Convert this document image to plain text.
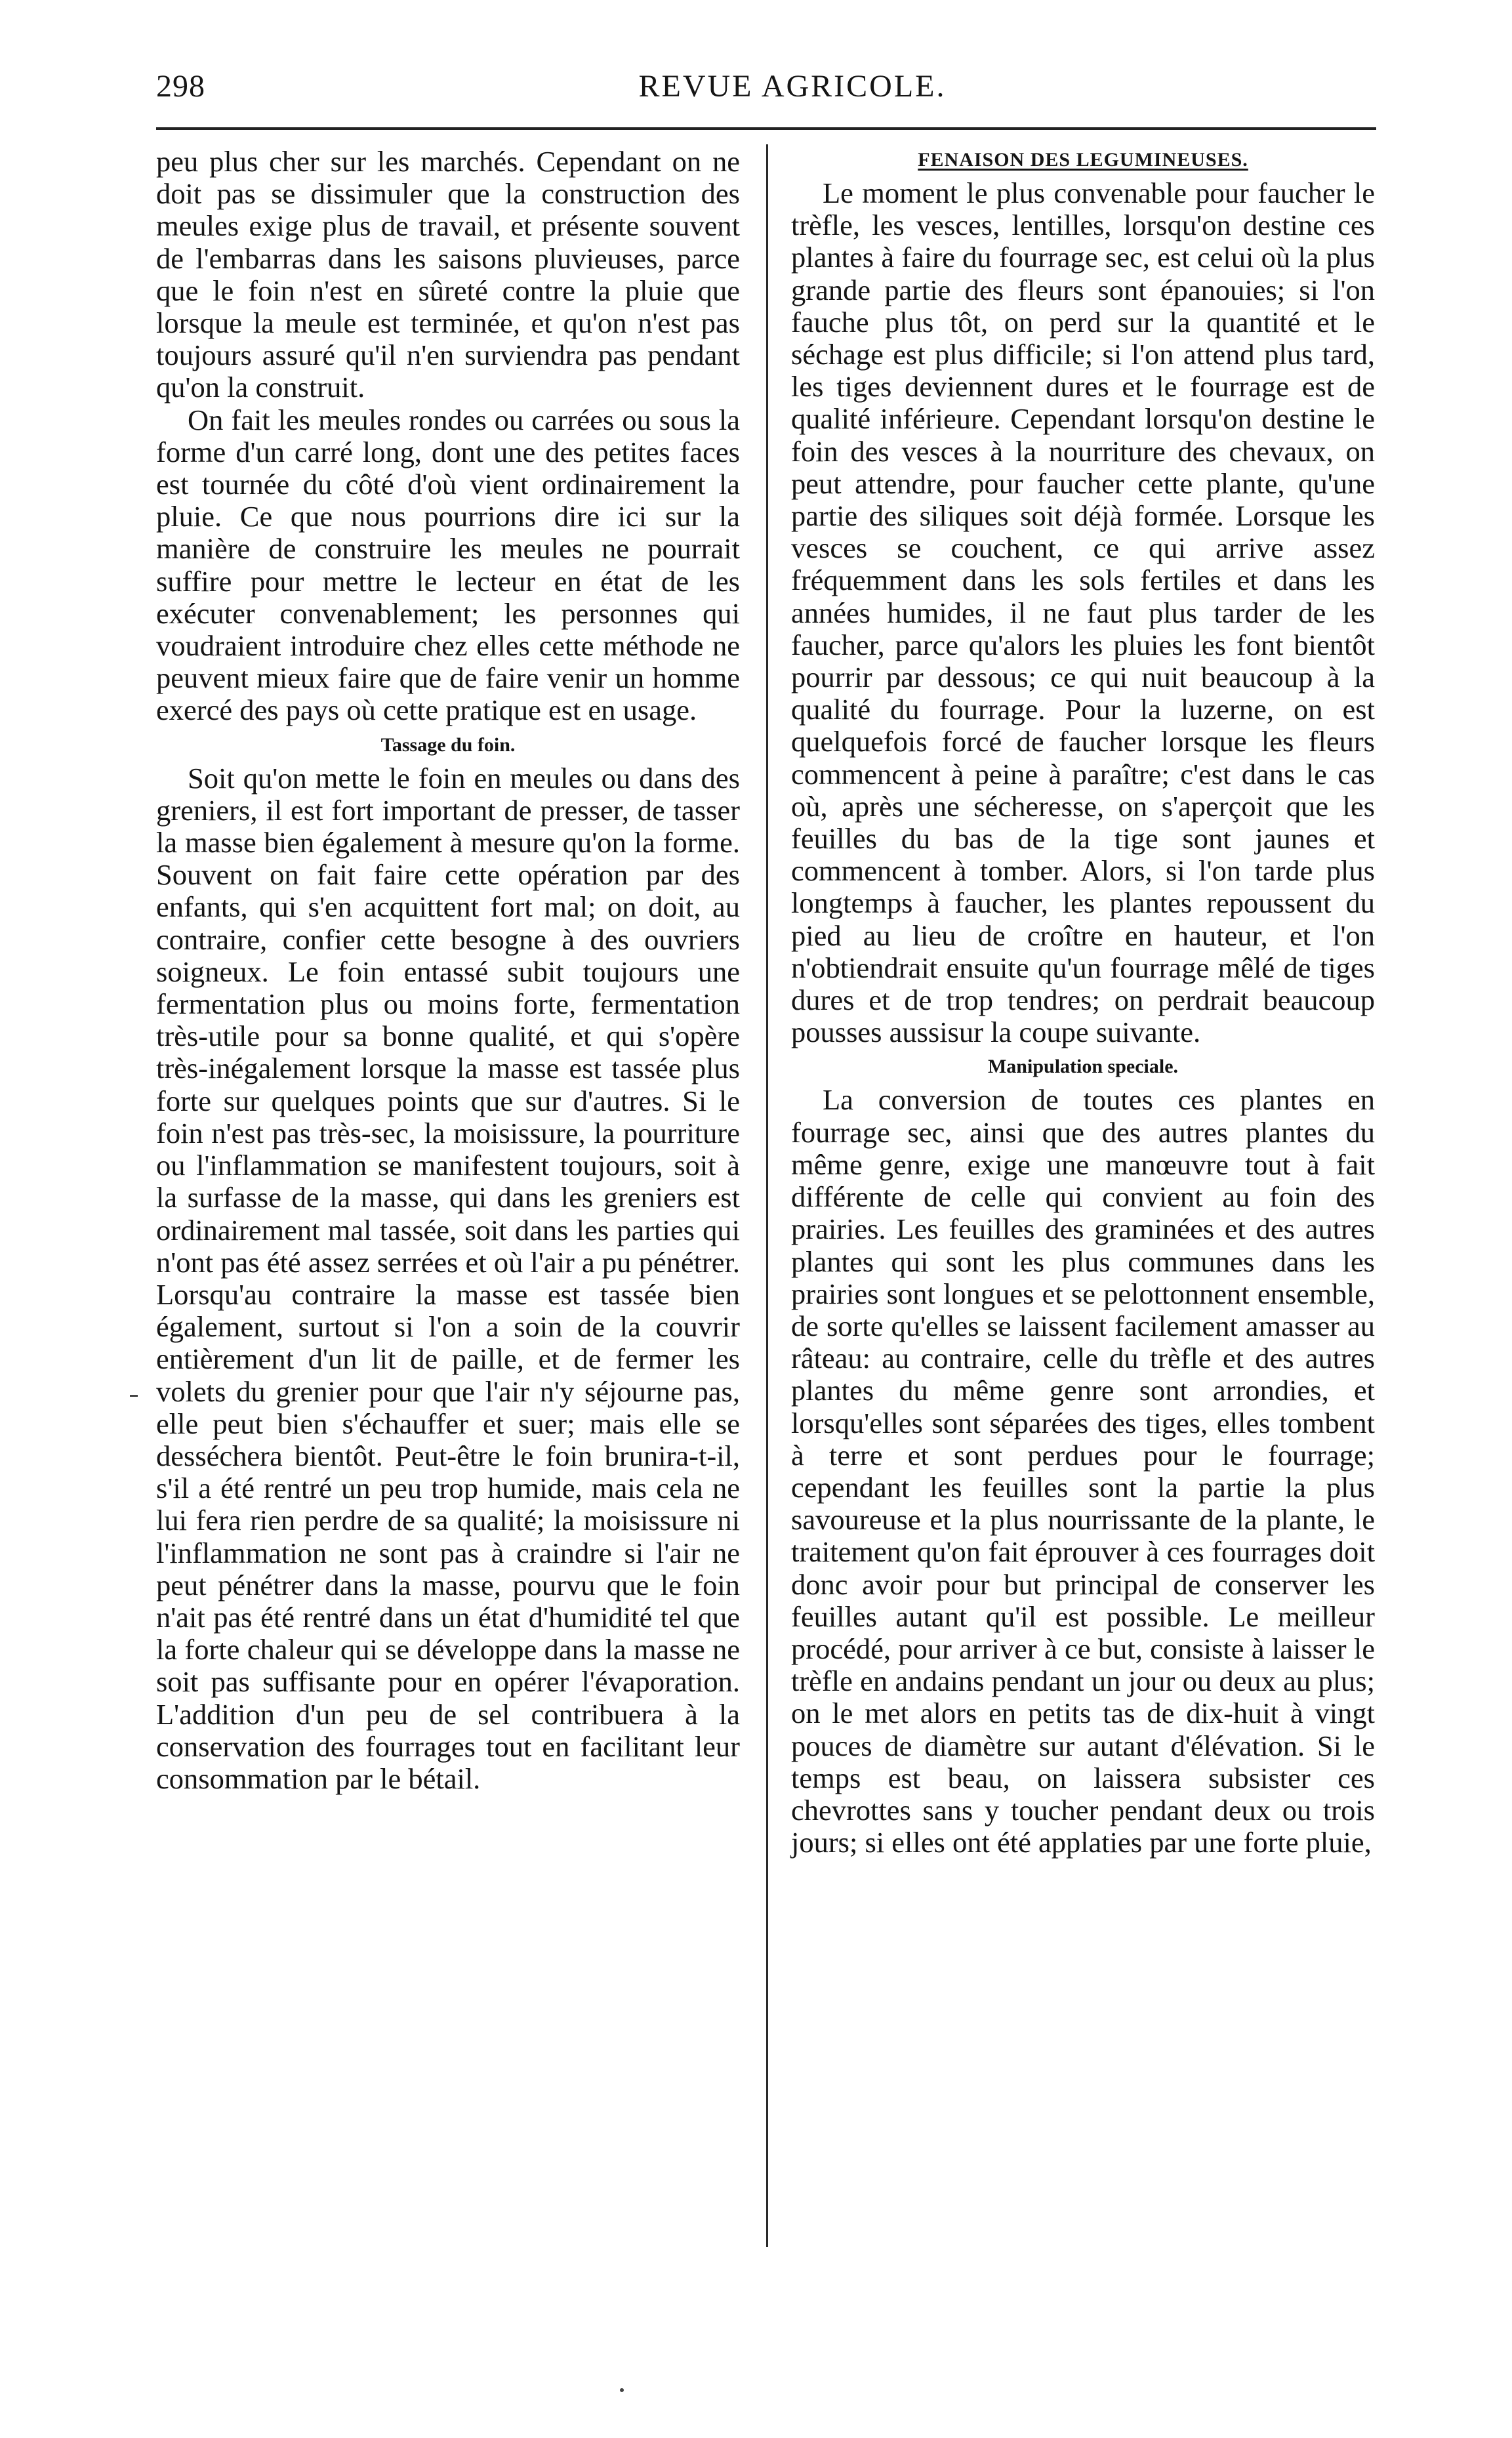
298	REVUE AGRICOLE.

peu plus cher sur les marchés. Cependant on ne doit pas se dissimuler que la construction des meules exige plus de travail, et présente souvent de l'embarras dans les saisons pluvieuses, parce que le foin n'est en sûreté contre la pluie que lorsque la meule est terminée, et qu'on n'est pas toujours assuré qu'il n'en surviendra pas pendant qu'on la construit.

On fait les meules rondes ou carrées ou sous la forme d'un carré long, dont une des petites faces est tournée du côté d'où vient ordinairement la pluie. Ce que nous pourrions dire ici sur la manière de construire les meules ne pourrait suffire pour mettre le lecteur en état de les exécuter convenablement; les personnes qui voudraient introduire chez elles cette méthode ne peuvent mieux faire que de faire venir un homme exercé des pays où cette pratique est en usage.

Tassage du foin.

Soit qu'on mette le foin en meules ou dans des greniers, il est fort important de presser, de tasser la masse bien également à mesure qu'on la forme. Souvent on fait faire cette opération par des enfants, qui s'en acquittent fort mal; on doit, au contraire, confier cette besogne à des ouvriers soigneux. Le foin entassé subit toujours une fermentation plus ou moins forte, fermentation très-utile pour sa bonne qualité, et qui s'opère très-inégalement lorsque la masse est tassée plus forte sur quelques points que sur d'autres. Si le foin n'est pas très-sec, la moisissure, la pourriture ou l'inflammation se manifestent toujours, soit à la surfasse de la masse, qui dans les greniers est ordinairement mal tassée, soit dans les parties qui n'ont pas été assez serrées et où l'air a pu pénétrer. Lorsqu'au contraire la masse est tassée bien également, surtout si l'on a soin de la couvrir entièrement d'un lit de paille, et de fermer les volets du grenier pour que l'air n'y séjourne pas, elle peut bien s'échauffer et suer; mais elle se desséchera bientôt. Peut-être le foin brunira-t-il, s'il a été rentré un peu trop humide, mais cela ne lui fera rien perdre de sa qualité; la moisissure ni l'inflammation ne sont pas à craindre si l'air ne peut pénétrer dans la masse, pourvu que le foin n'ait pas été rentré dans un état d'humidité tel que la forte chaleur qui se développe dans la masse ne soit pas suffisante pour en opérer l'évaporation. L'addition d'un peu de sel contribuera à la conservation des fourrages tout en facilitant leur consommation par le bétail.

FENAISON DES LEGUMINEUSES.

Le moment le plus convenable pour faucher le trèfle, les vesces, lentilles, lorsqu'on destine ces plantes à faire du fourrage sec, est celui où la plus grande partie des fleurs sont épanouies; si l'on fauche plus tôt, on perd sur la quantité et le séchage est plus difficile; si l'on attend plus tard, les tiges deviennent dures et le fourrage est de qualité inférieure. Cependant lorsqu'on destine le foin des vesces à la nourriture des chevaux, on peut attendre, pour faucher cette plante, qu'une partie des siliques soit déjà formée. Lorsque les vesces se couchent, ce qui arrive assez fréquemment dans les sols fertiles et dans les années humides, il ne faut plus tarder de les faucher, parce qu'alors les pluies les font bientôt pourrir par dessous; ce qui nuit beaucoup à la qualité du fourrage. Pour la luzerne, on est quelquefois forcé de faucher lorsque les fleurs commencent à peine à paraître; c'est dans le cas où, après une sécheresse, on s'aperçoit que les feuilles du bas de la tige sont jaunes et commencent à tomber. Alors, si l'on tarde plus longtemps à faucher, les plantes repoussent du pied au lieu de croître en hauteur, et l'on n'obtiendrait ensuite qu'un fourrage mêlé de tiges dures et de trop tendres; on perdrait beaucoup pousses aussisur la coupe suivante.

Manipulation speciale.

La conversion de toutes ces plantes en fourrage sec, ainsi que des autres plantes du même genre, exige une manœuvre tout à fait différente de celle qui convient au foin des prairies. Les feuilles des graminées et des autres plantes qui sont les plus communes dans les prairies sont longues et se pelottonnent ensemble, de sorte qu'elles se laissent facilement amasser au râteau: au contraire, celle du trèfle et des autres plantes du même genre sont arrondies, et lorsqu'elles sont séparées des tiges, elles tombent à terre et sont perdues pour le fourrage; cependant les feuilles sont la partie la plus savoureuse et la plus nourrissante de la plante, le traitement qu'on fait éprouver à ces fourrages doit donc avoir pour but principal de conserver les feuilles autant qu'il est possible. Le meilleur procédé, pour arriver à ce but, consiste à laisser le trèfle en andains pendant un jour ou deux au plus; on le met alors en petits tas de dix-huit à vingt pouces de diamètre sur autant d'élévation. Si le temps est beau, on laissera subsister ces chevrottes sans y toucher pendant deux ou trois jours; si elles ont été applaties par une forte pluie,
